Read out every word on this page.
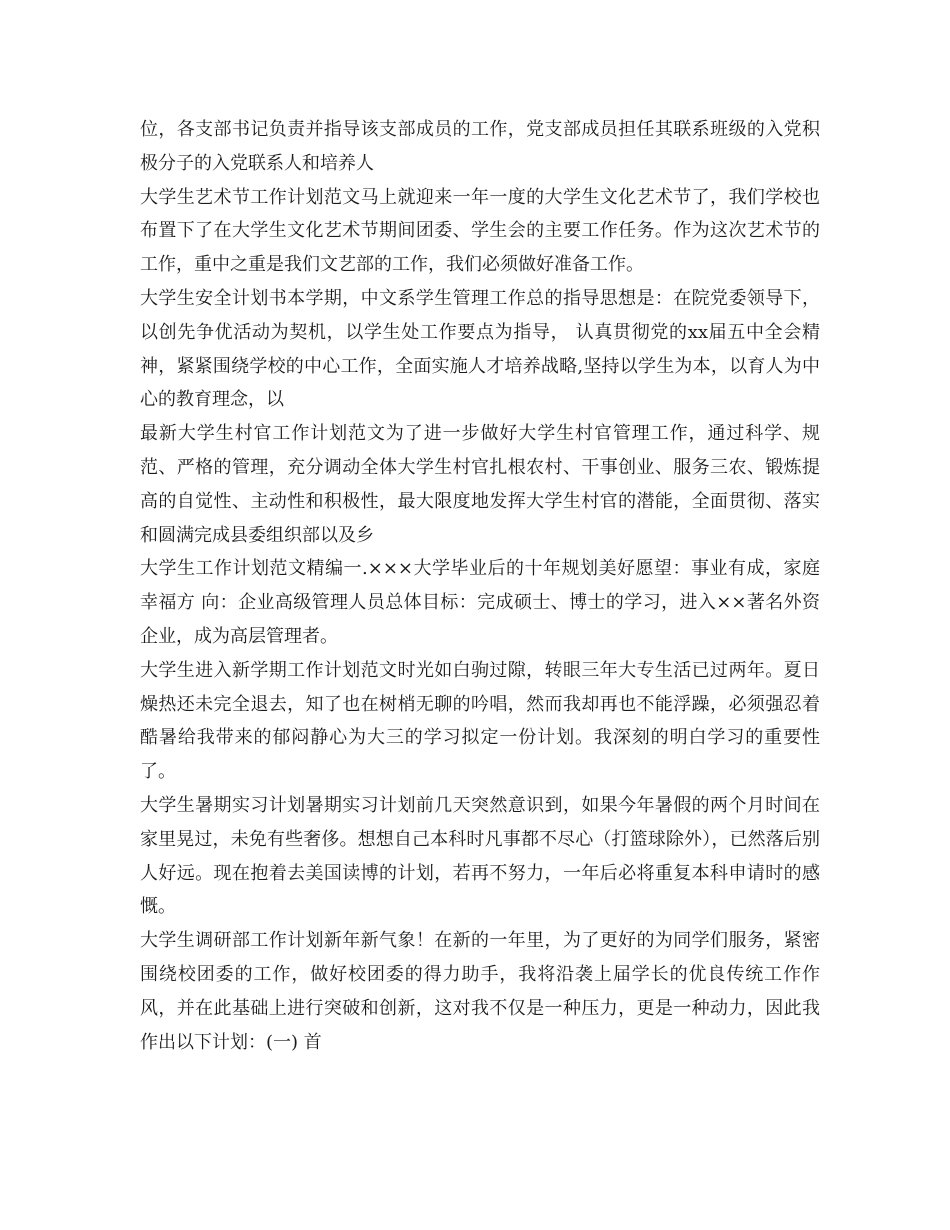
位，各支部书记负责并指导该支部成员的工作，党支部成员担任其联系班级的入党积极分子的入党联系人和培养人

大学生艺术节工作计划范文马上就迎来一年一度的大学生文化艺术节了，我们学校也布置下了在大学生文化艺术节期间团委、学生会的主要工作任务。作为这次艺术节的工作，重中之重是我们文艺部的工作，我们必须做好准备工作。

大学生安全计划书本学期，中文系学生管理工作总的指导思想是：在院党委领导下，以创先争优活动为契机，以学生处工作要点为指导， 认真贯彻党的xx届五中全会精神，紧紧围绕学校的中心工作，全面实施人才培养战略,坚持以学生为本，以育人为中心的教育理念，以

最新大学生村官工作计划范文为了进一步做好大学生村官管理工作，通过科学、规范、严格的管理，充分调动全体大学生村官扎根农村、干事创业、服务三农、锻炼提高的自觉性、主动性和积极性，最大限度地发挥大学生村官的潜能，全面贯彻、落实和圆满完成县委组织部以及乡

大学生工作计划范文精编一.×××大学毕业后的十年规划美好愿望：事业有成，家庭幸福方 向：企业高级管理人员总体目标：完成硕士、博士的学习，进入××著名外资企业，成为高层管理者。

大学生进入新学期工作计划范文时光如白驹过隙，转眼三年大专生活已过两年。夏日燥热还未完全退去，知了也在树梢无聊的吟唱，然而我却再也不能浮躁，必须强忍着酷暑给我带来的郁闷静心为大三的学习拟定一份计划。我深刻的明白学习的重要性了。

大学生暑期实习计划暑期实习计划前几天突然意识到，如果今年暑假的两个月时间在家里晃过，未免有些奢侈。想想自己本科时凡事都不尽心（打篮球除外），已然落后别人好远。现在抱着去美国读博的计划，若再不努力，一年后必将重复本科申请时的感慨。

大学生调研部工作计划新年新气象！在新的一年里，为了更好的为同学们服务，紧密围绕校团委的工作，做好校团委的得力助手，我将沿袭上届学长的优良传统工作作风，并在此基础上进行突破和创新，这对我不仅是一种压力，更是一种动力，因此我作出以下计划：(一) 首
